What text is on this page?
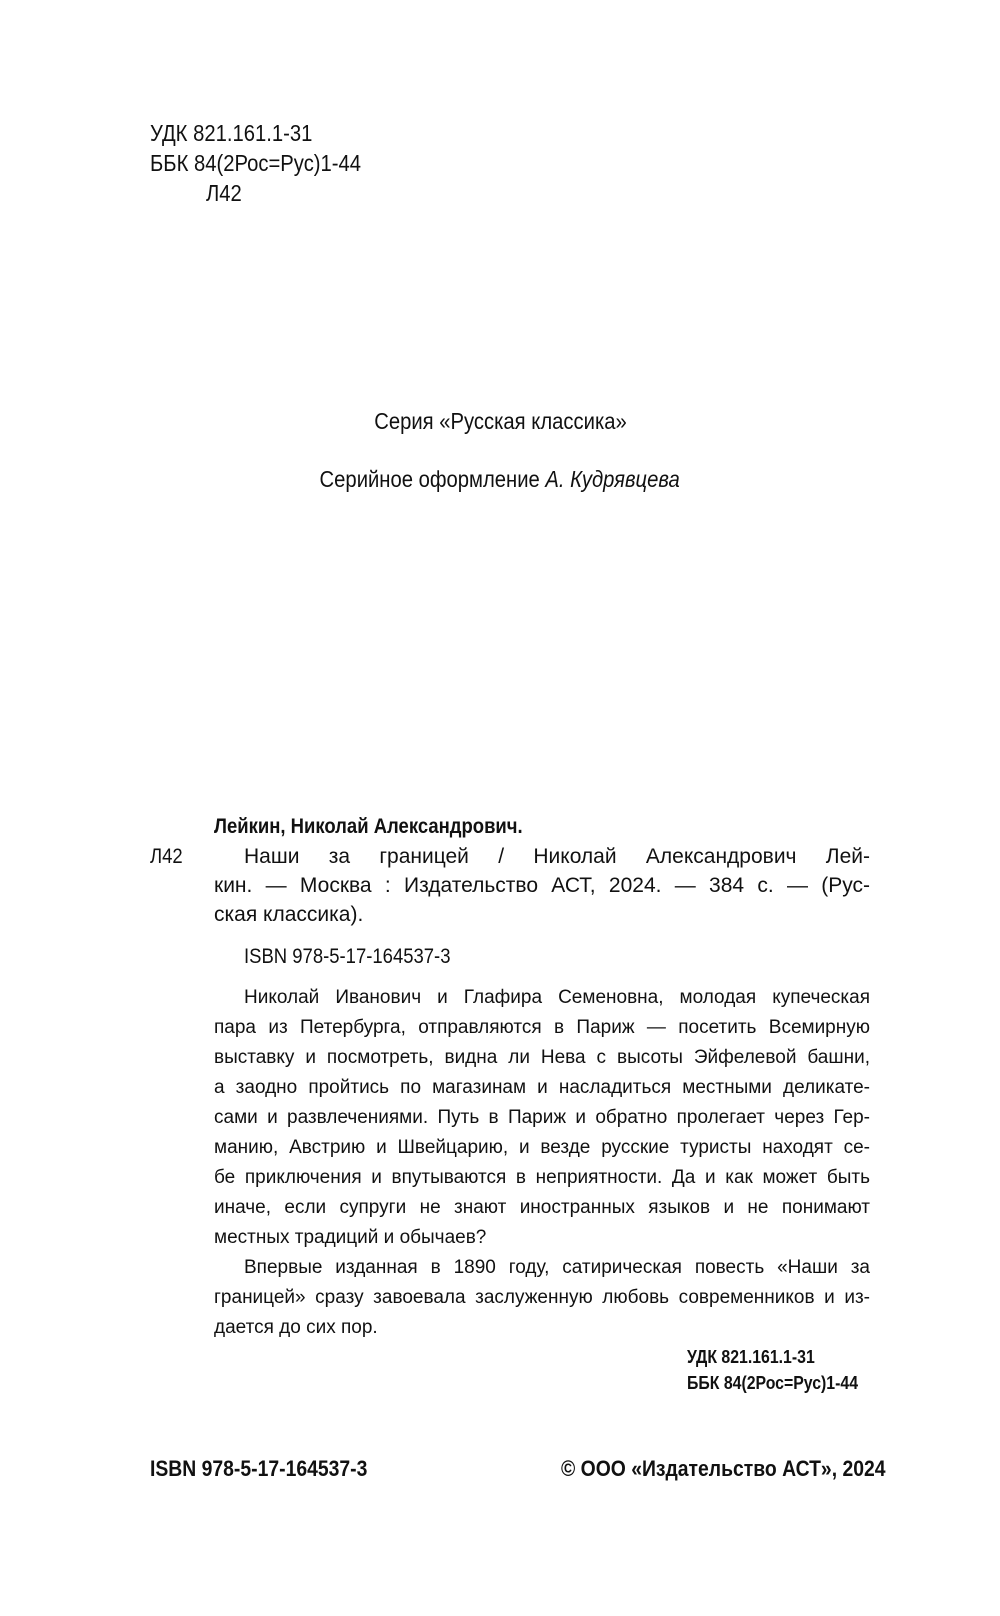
УДК 821.161.1-31
ББК 84(2Рос=Рус)1-44
Л42
Серия «Русская классика»
Серийное оформление А. Кудрявцева
Лейкин, Николай Александрович.
Л42	Наши за границей / Николай Александрович Лей-
кин. — Москва : Издательство АСТ, 2024. — 384 с. — (Рус-
ская классика).
ISBN 978-5-17-164537-3
Николай Иванович и Глафира Семеновна, молодая купеческая
пара из Петербурга, отправляются в Париж — посетить Всемирную
выставку и посмотреть, видна ли Нева с высоты Эйфелевой башни,
а заодно пройтись по магазинам и насладиться местными деликате-
сами и развлечениями. Путь в Париж и обратно пролегает через Гер-
манию, Австрию и Швейцарию, и везде русские туристы находят се-
бе приключения и впутываются в неприятности. Да и как может быть
иначе, если супруги не знают иностранных языков и не понимают
местных традиций и обычаев?
Впервые изданная в 1890 году, сатирическая повесть «Наши за
границей» сразу завоевала заслуженную любовь современников и из-
дается до сих пор.
УДК 821.161.1-31
ББК 84(2Рос=Рус)1-44
ISBN 978-5-17-164537-3	© ООО «Издательство АСТ», 2024
